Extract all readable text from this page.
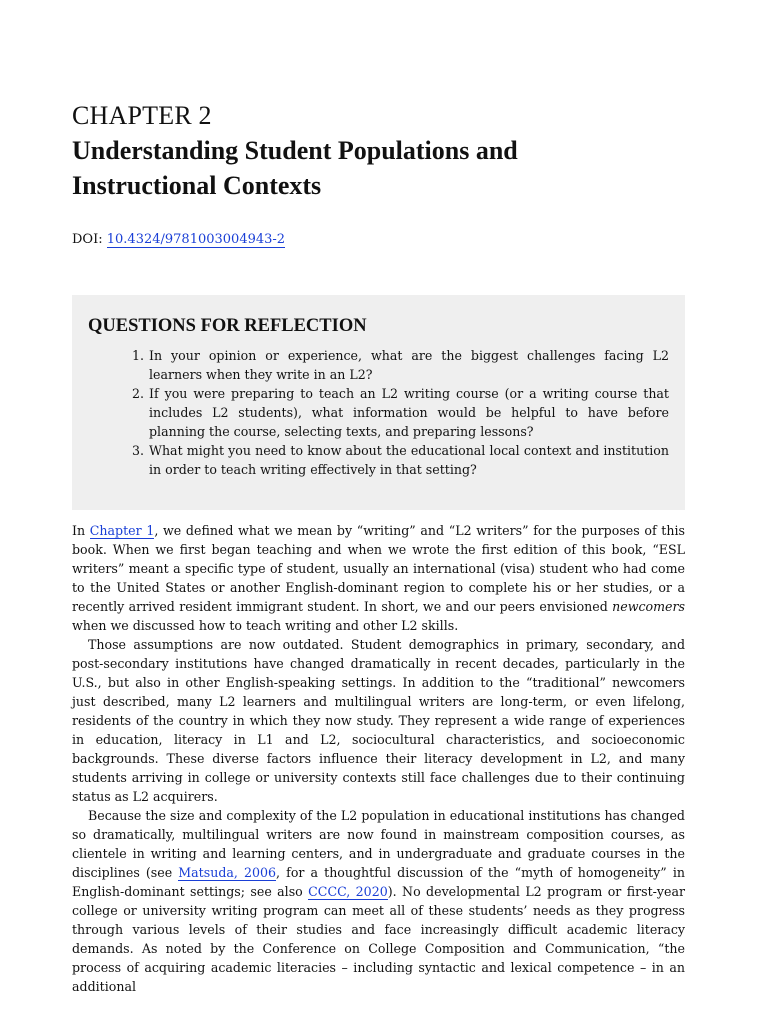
CHAPTER 2
Understanding Student Populations and Instructional Contexts
DOI: 10.4324/9781003004943-2
QUESTIONS FOR REFLECTION
1. In your opinion or experience, what are the biggest challenges facing L2 learners when they write in an L2?
2. If you were preparing to teach an L2 writing course (or a writing course that includes L2 students), what information would be helpful to have before planning the course, selecting texts, and preparing lessons?
3. What might you need to know about the educational local context and institution in order to teach writing effectively in that setting?

In Chapter 1, we defined what we mean by “writing” and “L2 writers” for the purposes of this book. When we first began teaching and when we wrote the first edition of this book, “ESL writers” meant a specific type of student, usually an international (visa) student who had come to the United States or another English-dominant region to complete his or her studies, or a recently arrived resident immigrant student. In short, we and our peers envisioned newcomers when we discussed how to teach writing and other L2 skills.

Those assumptions are now outdated. Student demographics in primary, secondary, and post-secondary institutions have changed dramatically in recent decades, particularly in the U.S., but also in other English-speaking settings. In addition to the “traditional” newcomers just described, many L2 learners and multilingual writers are long-term, or even lifelong, residents of the country in which they now study. They represent a wide range of experiences in education, literacy in L1 and L2, sociocultural characteristics, and socioeconomic backgrounds. These diverse factors influence their literacy development in L2, and many students arriving in college or university contexts still face challenges due to their continuing status as L2 acquirers.

Because the size and complexity of the L2 population in educational institutions has changed so dramatically, multilingual writers are now found in mainstream composition courses, as clientele in writing and learning centers, and in undergraduate and graduate courses in the disciplines (see Matsuda, 2006, for a thoughtful discussion of the “myth of homogeneity” in English-dominant settings; see also CCCC, 2020). No developmental L2 program or first-year college or university writing program can meet all of these students’ needs as they progress through various levels of their studies and face increasingly difficult academic literacy demands. As noted by the Conference on College Composition and Communication, “the process of acquiring academic literacies – including syntactic and lexical competence – in an additional
